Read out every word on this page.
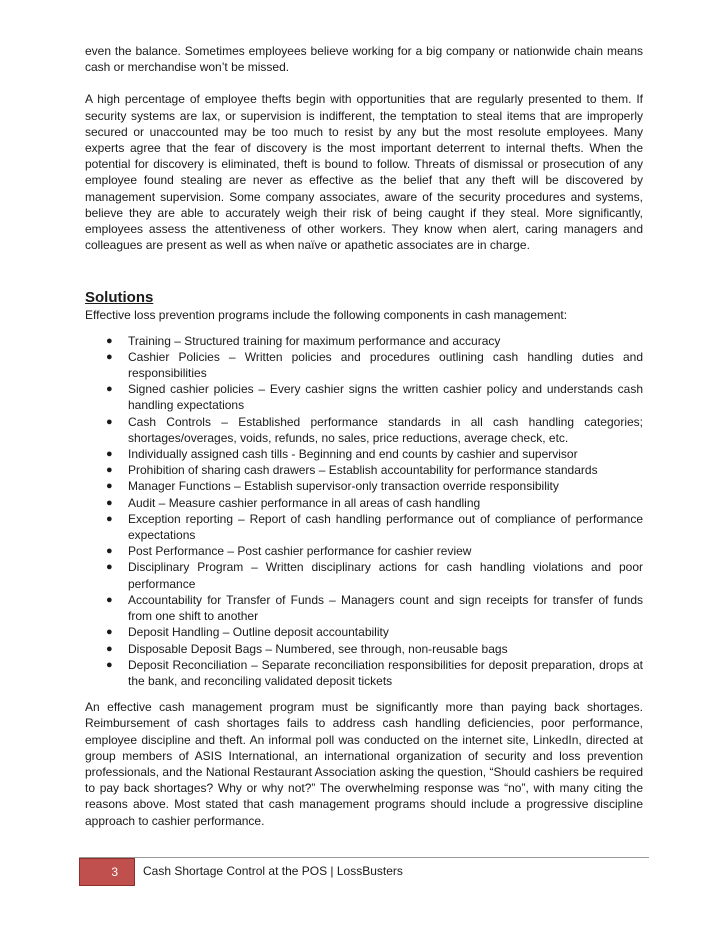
even the balance. Sometimes employees believe working for a big company or nationwide chain means cash or merchandise won’t be missed.

A high percentage of employee thefts begin with opportunities that are regularly presented to them. If security systems are lax, or supervision is indifferent, the temptation to steal items that are improperly secured or unaccounted may be too much to resist by any but the most resolute employees. Many experts agree that the fear of discovery is the most important deterrent to internal thefts. When the potential for discovery is eliminated, theft is bound to follow. Threats of dismissal or prosecution of any employee found stealing are never as effective as the belief that any theft will be discovered by management supervision. Some company associates, aware of the security procedures and systems, believe they are able to accurately weigh their risk of being caught if they steal. More significantly, employees assess the attentiveness of other workers. They know when alert, caring managers and colleagues are present as well as when naïve or apathetic associates are in charge.

Solutions

Effective loss prevention programs include the following components in cash management:

● Training – Structured training for maximum performance and accuracy
● Cashier Policies – Written policies and procedures outlining cash handling duties and responsibilities
● Signed cashier policies – Every cashier signs the written cashier policy and understands cash handling expectations
● Cash Controls – Established performance standards in all cash handling categories; shortages/overages, voids, refunds, no sales, price reductions, average check, etc.
● Individually assigned cash tills - Beginning and end counts by cashier and supervisor
● Prohibition of sharing cash drawers – Establish accountability for performance standards
● Manager Functions – Establish supervisor-only transaction override responsibility
● Audit – Measure cashier performance in all areas of cash handling
● Exception reporting – Report of cash handling performance out of compliance of performance expectations
● Post Performance – Post cashier performance for cashier review
● Disciplinary Program – Written disciplinary actions for cash handling violations and poor performance
● Accountability for Transfer of Funds – Managers count and sign receipts for transfer of funds from one shift to another
● Deposit Handling – Outline deposit accountability
● Disposable Deposit Bags – Numbered, see through, non-reusable bags
● Deposit Reconciliation – Separate reconciliation responsibilities for deposit preparation, drops at the bank, and reconciling validated deposit tickets

An effective cash management program must be significantly more than paying back shortages. Reimbursement of cash shortages fails to address cash handling deficiencies, poor performance, employee discipline and theft. An informal poll was conducted on the internet site, LinkedIn, directed at group members of ASIS International, an international organization of security and loss prevention professionals, and the National Restaurant Association asking the question, “Should cashiers be required to pay back shortages? Why or why not?” The overwhelming response was “no”, with many citing the reasons above. Most stated that cash management programs should include a progressive discipline approach to cashier performance.

3	Cash Shortage Control at the POS | LossBusters
